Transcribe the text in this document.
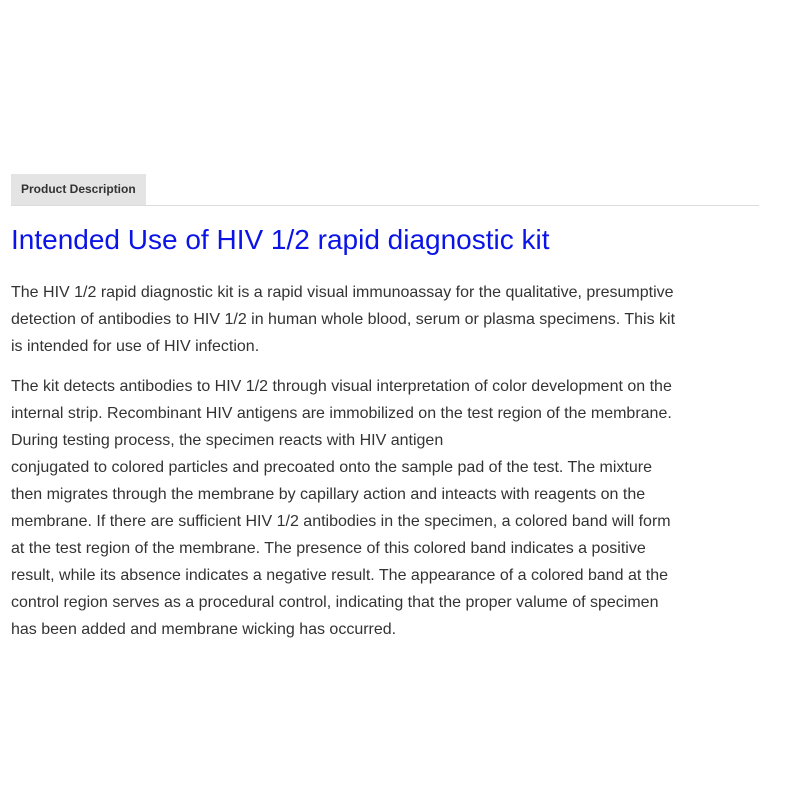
Product Description
Intended Use of HIV 1/2 rapid diagnostic kit
The HIV 1/2 rapid diagnostic kit is a rapid visual immunoassay for the qualitative, presumptive
detection of antibodies to HIV 1/2 in human whole blood, serum or plasma specimens. This kit
is intended for use of HIV infection.
The kit detects antibodies to HIV 1/2 through visual interpretation of color development on the
internal strip. Recombinant HIV antigens are immobilized on the test region of the membrane.
During testing process, the specimen reacts with HIV antigen
conjugated to colored particles and precoated onto the sample pad of the test. The mixture
then migrates through the membrane by capillary action and inteacts with reagents on the
membrane. If there are sufficient HIV 1/2 antibodies in the specimen, a colored band will form
at the test region of the membrane. The presence of this colored band indicates a positive
result, while its absence indicates a negative result. The appearance of a colored band at the
control region serves as a procedural control, indicating that the proper valume of specimen
has been added and membrane wicking has occurred.
